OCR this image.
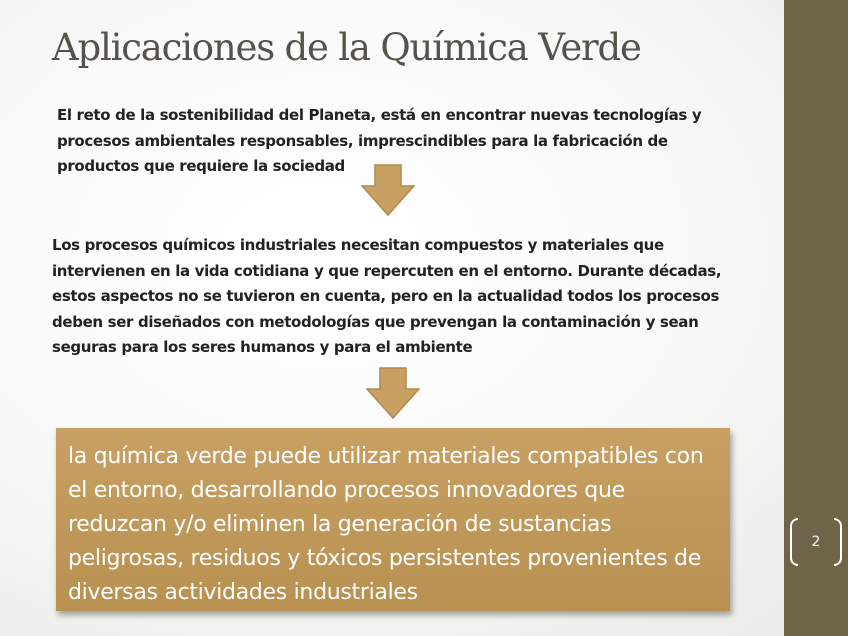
Aplicaciones de la Química Verde

El reto de la sostenibilidad del Planeta, está en encontrar nuevas tecnologías y procesos ambientales responsables, imprescindibles para la fabricación de productos que requiere la sociedad

Los procesos químicos industriales necesitan compuestos y materiales que intervienen en la vida cotidiana y que repercuten en el entorno. Durante décadas, estos aspectos no se tuvieron en cuenta, pero en la actualidad todos los procesos deben ser diseñados con metodologías que prevengan la contaminación y sean seguras para los seres humanos y para el ambiente

la química verde puede utilizar materiales compatibles con el entorno, desarrollando procesos innovadores que reduzcan y/o eliminen la generación de sustancias peligrosas, residuos y tóxicos persistentes provenientes de diversas actividades industriales
2
